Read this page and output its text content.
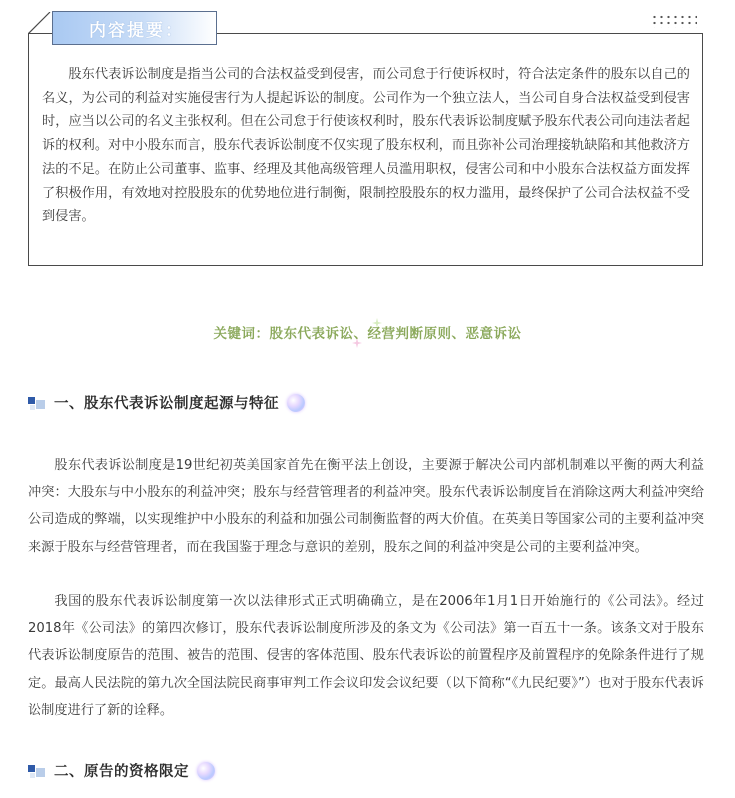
内容提要：

股东代表诉讼制度是指当公司的合法权益受到侵害，而公司怠于行使诉权时，符合法定条件的股东以自己的名义，为公司的利益对实施侵害行为人提起诉讼的制度。公司作为一个独立法人，当公司自身合法权益受到侵害时，应当以公司的名义主张权利。但在公司怠于行使该权利时，股东代表诉讼制度赋予股东代表公司向违法者起诉的权利。对中小股东而言，股东代表诉讼制度不仅实现了股东权利，而且弥补公司治理接轨缺陷和其他救济方法的不足。在防止公司董事、监事、经理及其他高级管理人员滥用职权，侵害公司和中小股东合法权益方面发挥了积极作用，有效地对控股股东的优势地位进行制衡，限制控股股东的权力滥用，最终保护了公司合法权益不受到侵害。

关键词：股东代表诉讼、经营判断原则、恶意诉讼
一、股东代表诉讼制度起源与特征

股东代表诉讼制度是19世纪初英美国家首先在衡平法上创设，主要源于解决公司内部机制难以平衡的两大利益冲突：大股东与中小股东的利益冲突；股东与经营管理者的利益冲突。股东代表诉讼制度旨在消除这两大利益冲突给公司造成的弊端，以实现维护中小股东的利益和加强公司制衡监督的两大价值。在英美日等国家公司的主要利益冲突来源于股东与经营管理者，而在我国鉴于理念与意识的差别，股东之间的利益冲突是公司的主要利益冲突。

我国的股东代表诉讼制度第一次以法律形式正式明确确立，是在2006年1月1日开始施行的《公司法》。经过2018年《公司法》的第四次修订，股东代表诉讼制度所涉及的条文为《公司法》第一百五十一条。该条文对于股东代表诉讼制度原告的范围、被告的范围、侵害的客体范围、股东代表诉讼的前置程序及前置程序的免除条件进行了规定。最高人民法院的第九次全国法院民商事审判工作会议印发会议纪要（以下简称“《九民纪要》”）也对于股东代表诉讼制度进行了新的诠释。

二、原告的资格限定
